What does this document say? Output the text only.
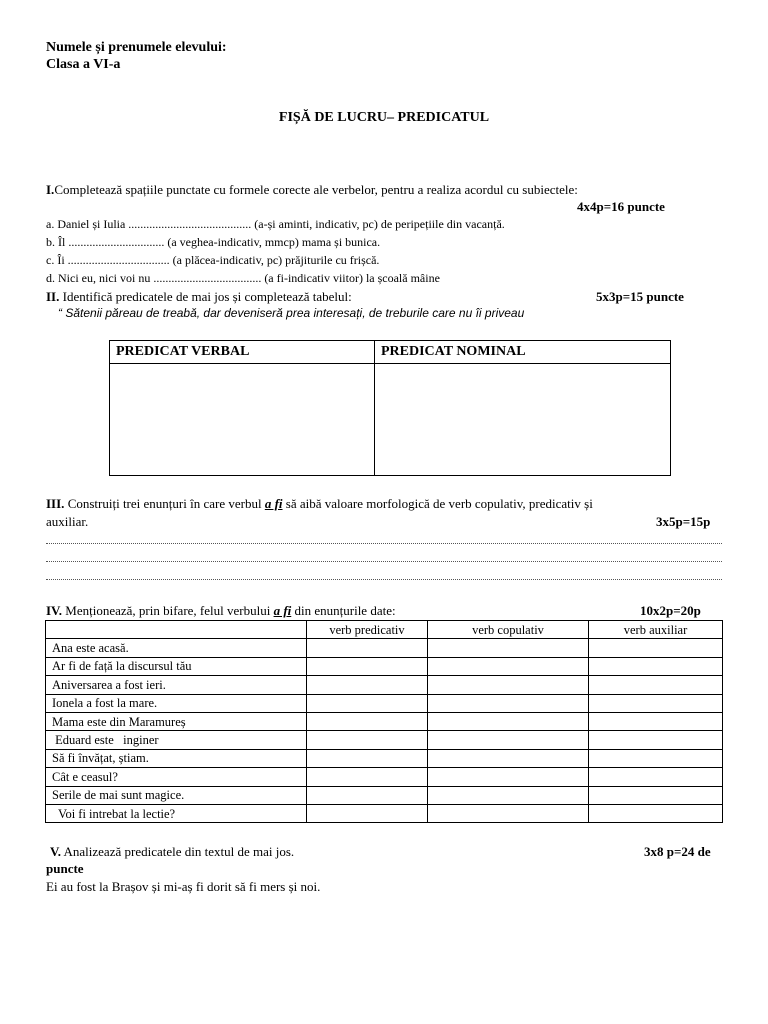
Numele și prenumele elevului:
Clasa a VI-a
FIȘĂ DE LUCRU– PREDICATUL
I.Completează spațiile punctate cu formele corecte ale verbelor, pentru a realiza acordul cu subiectele:
4x4p=16 puncte
a. Daniel și Iulia ......................................... (a-și aminti, indicativ, pc) de peripețiile din vacanță.
b. Îl ................................ (a veghea-indicativ, mmcp) mama și bunica.
c. Îi .................................. (a plăcea-indicativ, pc) prăjiturile cu frișcă.
d. Nici eu, nici voi nu .................................... (a fi-indicativ viitor) la școală mâine
II. Identifică predicatele de mai jos și completează tabelul:	5x3p=15 puncte
“ Sătenii păreau de treabă, dar deveniseră prea interesați, de treburile care nu îi priveau
PREDICAT VERBAL	PREDICAT NOMINAL

III. Construiți trei enunțuri în care verbul a fi să aibă valoare morfologică de verb copulativ, predicativ și
auxiliar.	3x5p=15p
IV. Menționează, prin bifare, felul verbului a fi din enunțurile date:	10x2p=20p
	verb predicativ	verb copulativ	verb auxiliar
Ana este acasă.			
Ar fi de față la discursul tău			
Aniversarea a fost ieri.			
Ionela a fost la mare.			
Mama este din Maramureș			
Eduard este   inginer			
Să fi învățat, știam.			
Cât e ceasul?			
Serile de mai sunt magice.			
Voi fi intrebat la lectie?			
V. Analizează predicatele din textul de mai jos.	3x8 p=24 de
puncte
Ei au fost la Brașov și mi-aș fi dorit să fi mers și noi.
